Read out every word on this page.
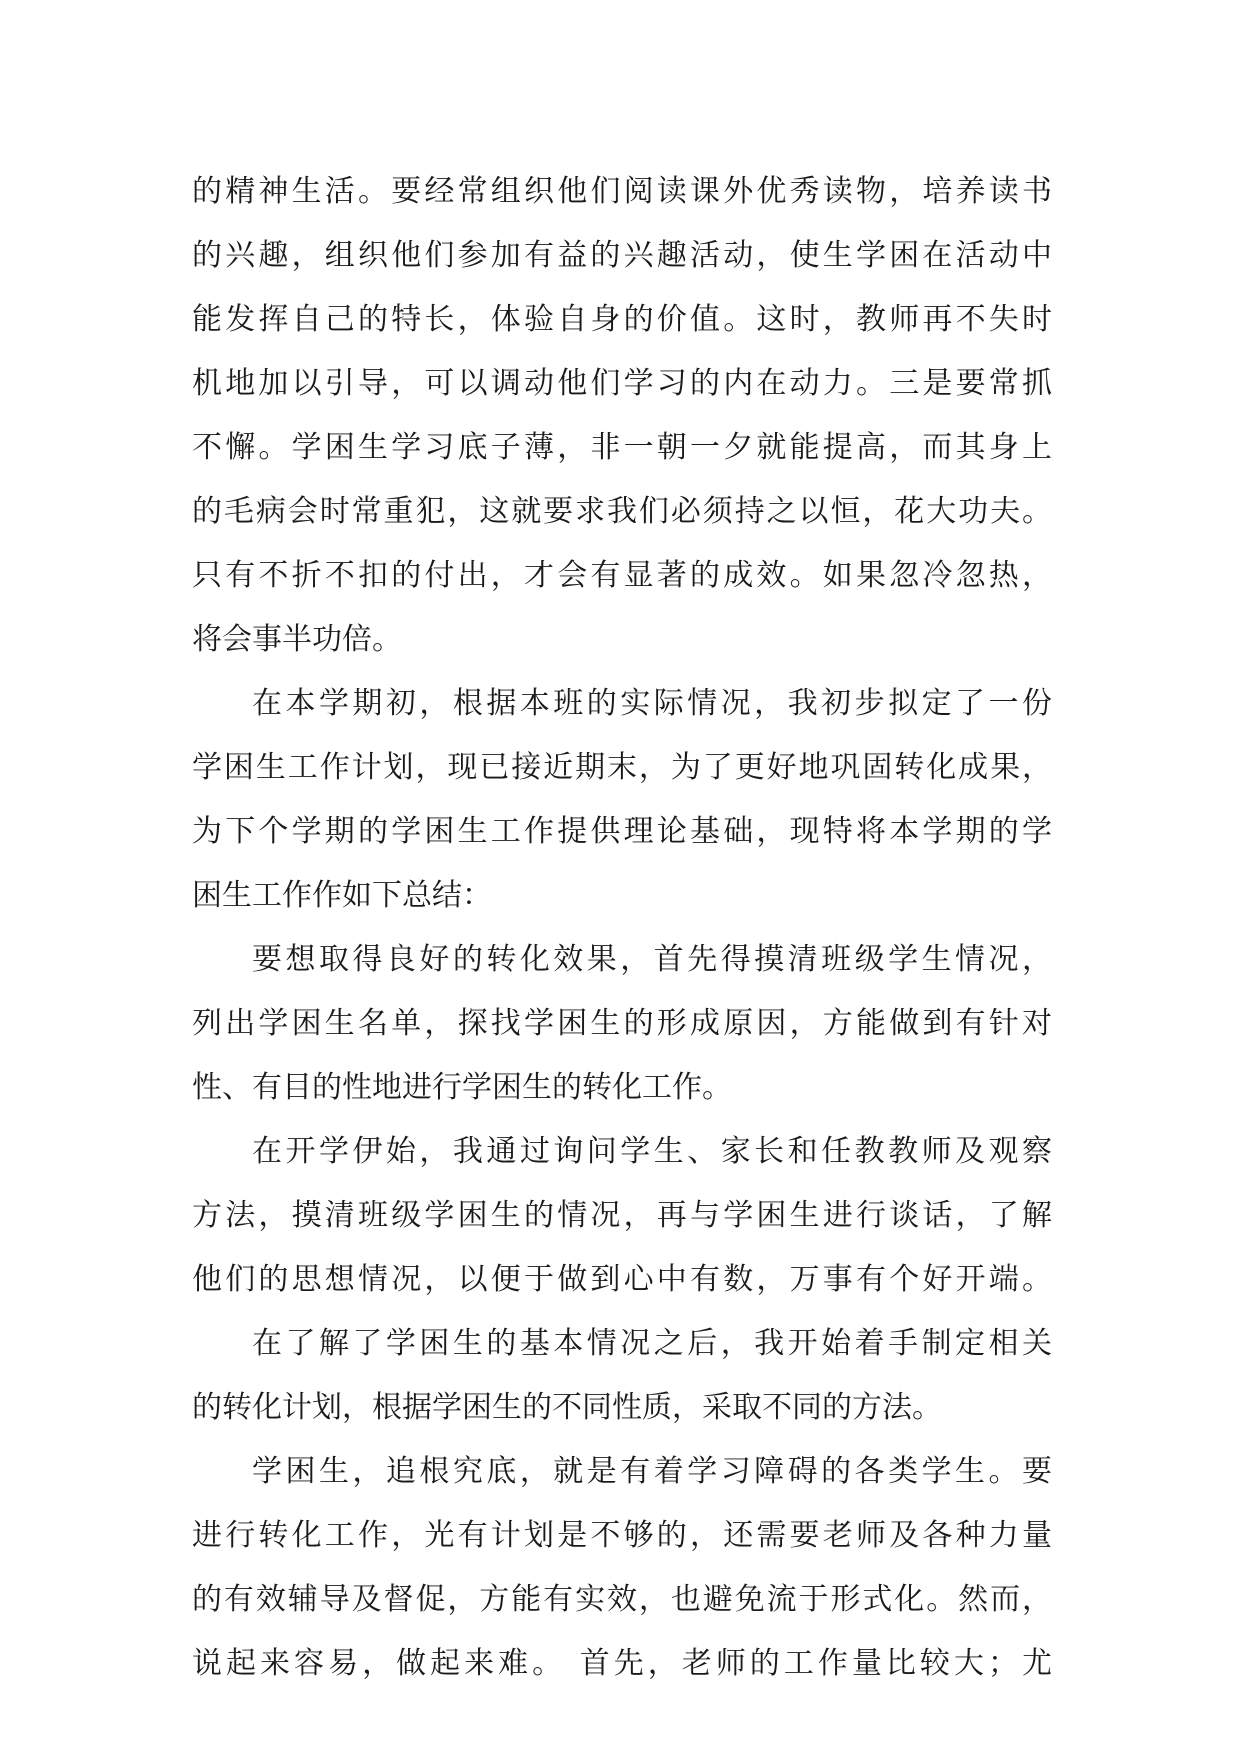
的精神生活。要经常组织他们阅读课外优秀读物，培养读书
的兴趣，组织他们参加有益的兴趣活动，使生学困在活动中
能发挥自己的特长，体验自身的价值。这时，教师再不失时
机地加以引导，可以调动他们学习的内在动力。三是要常抓
不懈。学困生学习底子薄，非一朝一夕就能提高，而其身上
的毛病会时常重犯，这就要求我们必须持之以恒，花大功夫。
只有不折不扣的付出，才会有显著的成效。如果忽冷忽热，
将会事半功倍。
在本学期初，根据本班的实际情况，我初步拟定了一份
学困生工作计划，现已接近期末，为了更好地巩固转化成果，
为下个学期的学困生工作提供理论基础，现特将本学期的学
困生工作作如下总结：
要想取得良好的转化效果，首先得摸清班级学生情况，
列出学困生名单，探找学困生的形成原因，方能做到有针对
性、有目的性地进行学困生的转化工作。
在开学伊始，我通过询问学生、家长和任教教师及观察
方法，摸清班级学困生的情况，再与学困生进行谈话，了解
他们的思想情况，以便于做到心中有数，万事有个好开端。
在了解了学困生的基本情况之后，我开始着手制定相关
的转化计划，根据学困生的不同性质，采取不同的方法。
学困生，追根究底，就是有着学习障碍的各类学生。要
进行转化工作，光有计划是不够的，还需要老师及各种力量
的有效辅导及督促，方能有实效，也避免流于形式化。然而，
说起来容易，做起来难。 首先，老师的工作量比较大；尤
